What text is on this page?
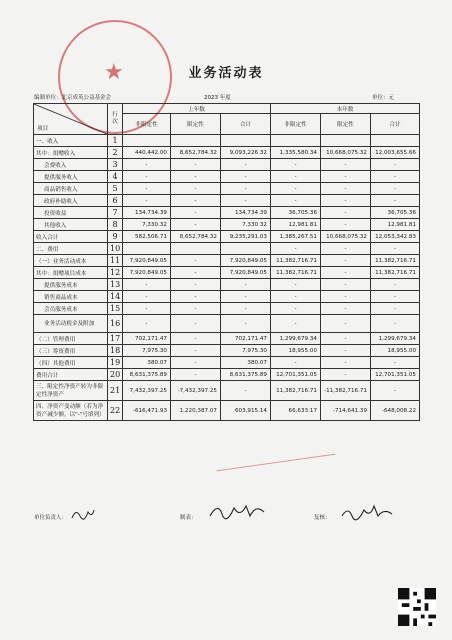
★	业务活动表
编制单位：北京成英公益基金会	2023 年度	单位：元
项目	行次	上年数			本年数		
		非限定性	限定性	合计	非限定性	限定性	合计
一、收入	1						
其中：捐赠收入	2	440,442.00	8,652,784.32	9,093,226.32	1,335,580.34	10,668,075.32	12,003,655.66
会费收入	3	-	-	-	-	-	-
提供服务收入	4	-	-	-	-	-	-
商品销售收入	5	-	-	-	-	-	-
政府补助收入	6	-	-	-	-	-	-
投资收益	7	134,734.39	-	134,734.39	36,705.36	-	36,705.36
其他收入	8	7,330.32	-	7,330.32	12,981.81	-	12,981.81
收入合计	9	582,506.71	8,652,784.32	9,235,291.03	1,385,267.51	10,668,075.32	12,053,342.83
二、费用	10				-	-	-
（一）业务活动成本	11	7,920,849.05	-	7,920,849.05	11,382,716.71	-	11,382,716.71
其中：捐赠项目成本	12	7,920,849.05	-	7,920,849.05	11,382,716.71	-	11,382,716.71
提供服务成本	13	-	-	-	-	-	-
销售商品成本	14	-	-	-	-	-	-
会员服务成本	15	-	-	-	-	-	-
业务活动税金及附加	16	-	-	-	-	-	-
（二）管理费用	17	702,171.47	-	702,171.47	1,299,679.34	-	1,299,679.34
（三）筹资费用	18	7,975.30	-	7,975.30	18,955.00	-	18,955.00
（四）其他费用	19	380.07	-	380.07	-	-	-
费用合计	20	8,631,375.89	-	8,631,375.89	12,701,351.05	-	12,701,351.05
三、限定性净资产转为非限定性净资产	21	7,432,397.25	-7,432,397.25	-	11,382,716.71	-11,382,716.71	-
四、净资产变动额（若为净资产减少额，以"-"号填列）	22	-616,471.93	1,220,387.07	603,915.14	66,633.17	-714,641.39	-648,008.22
单位负责人：	制表：	复核：
